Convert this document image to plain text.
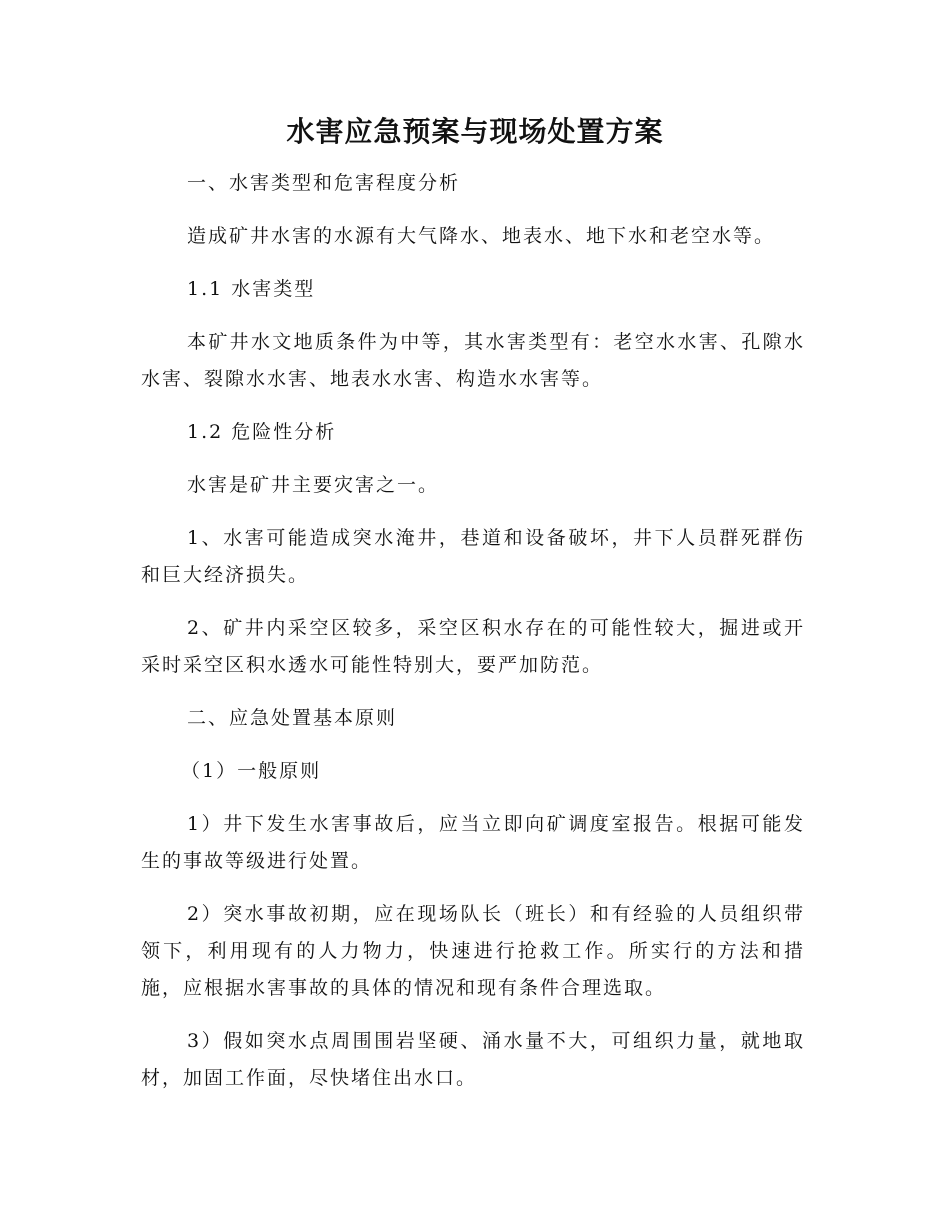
水害应急预案与现场处置方案

一、水害类型和危害程度分析

造成矿井水害的水源有大气降水、地表水、地下水和老空水等。

1.1 水害类型

本矿井水文地质条件为中等，其水害类型有：老空水水害、孔隙水水害、裂隙水水害、地表水水害、构造水水害等。

1.2 危险性分析

水害是矿井主要灾害之一。

1、水害可能造成突水淹井，巷道和设备破坏，井下人员群死群伤和巨大经济损失。

2、矿井内采空区较多，采空区积水存在的可能性较大，掘进或开采时采空区积水透水可能性特别大，要严加防范。

二、应急处置基本原则

（1）一般原则

1）井下发生水害事故后，应当立即向矿调度室报告。根据可能发生的事故等级进行处置。

2）突水事故初期，应在现场队长（班长）和有经验的人员组织带领下，利用现有的人力物力，快速进行抢救工作。所实行的方法和措施，应根据水害事故的具体的情况和现有条件合理选取。

3）假如突水点周围围岩坚硬、涌水量不大，可组织力量，就地取材，加固工作面，尽快堵住出水口。
